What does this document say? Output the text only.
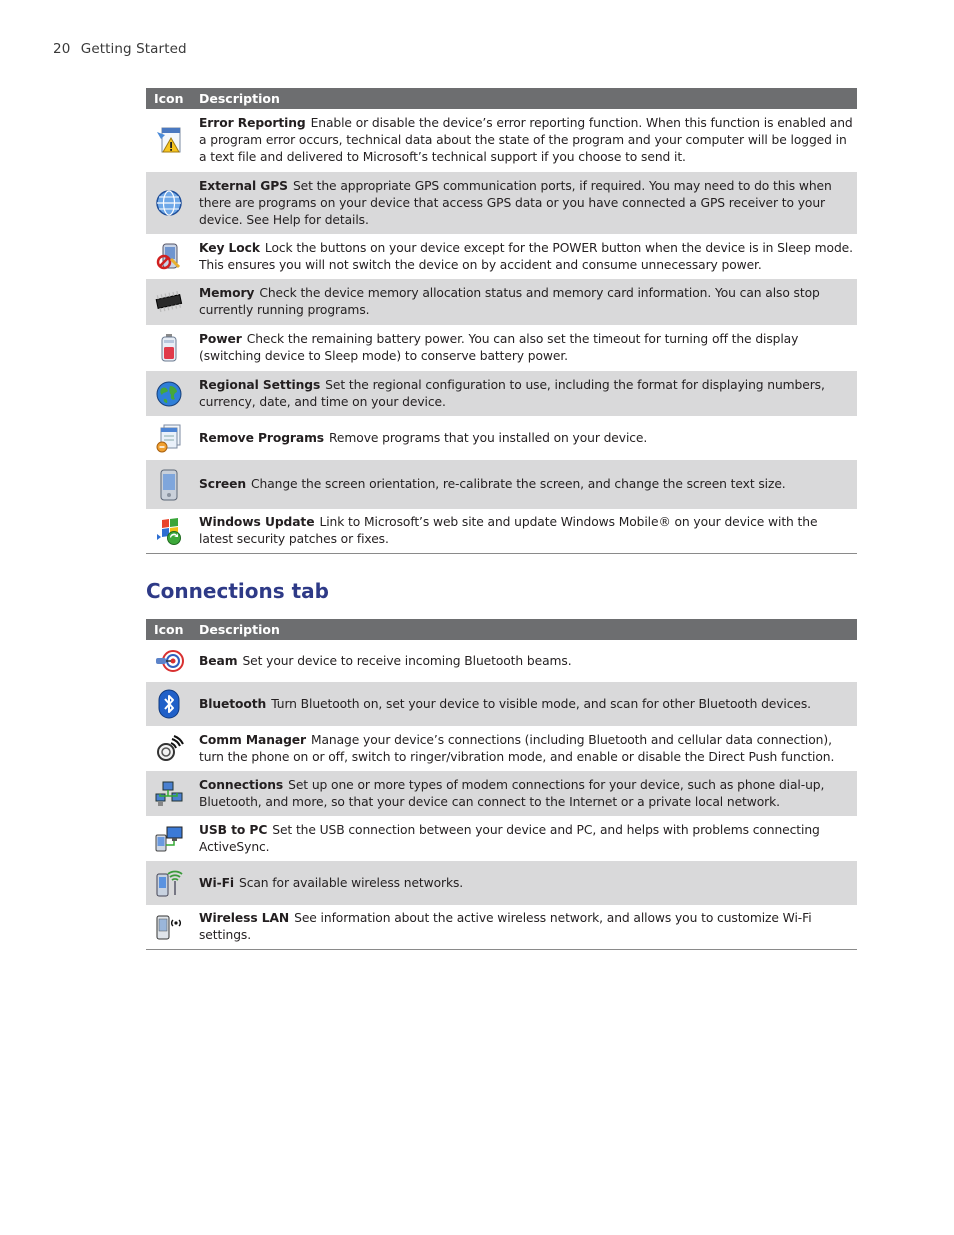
20 Getting Started
Icon Description
Error Reporting Enable or disable the device’s error reporting function. When this function is enabled and a program error occurs, technical data about the state of the program and your computer will be logged in a text file and delivered to Microsoft’s technical support if you choose to send it.
External GPS Set the appropriate GPS communication ports, if required. You may need to do this when there are programs on your device that access GPS data or you have connected a GPS receiver to your device. See Help for details.
Key Lock Lock the buttons on your device except for the POWER button when the device is in Sleep mode. This ensures you will not switch the device on by accident and consume unnecessary power.
Memory Check the device memory allocation status and memory card information. You can also stop currently running programs.
Power Check the remaining battery power. You can also set the timeout for turning off the display (switching device to Sleep mode) to conserve battery power.
Regional Settings Set the regional configuration to use, including the format for displaying numbers, currency, date, and time on your device.
Remove Programs Remove programs that you installed on your device.
Screen Change the screen orientation, re-calibrate the screen, and change the screen text size.
Windows Update Link to Microsoft’s web site and update Windows Mobile® on your device with the latest security patches or fixes.
Connections tab
Icon Description
Beam Set your device to receive incoming Bluetooth beams.
Bluetooth Turn Bluetooth on, set your device to visible mode, and scan for other Bluetooth devices.
Comm Manager Manage your device’s connections (including Bluetooth and cellular data connection), turn the phone on or off, switch to ringer/vibration mode, and enable or disable the Direct Push function.
Connections Set up one or more types of modem connections for your device, such as phone dial-up, Bluetooth, and more, so that your device can connect to the Internet or a private local network.
USB to PC Set the USB connection between your device and PC, and helps with problems connecting ActiveSync.
Wi-Fi Scan for available wireless networks.
Wireless LAN See information about the active wireless network, and allows you to customize Wi-Fi settings.
